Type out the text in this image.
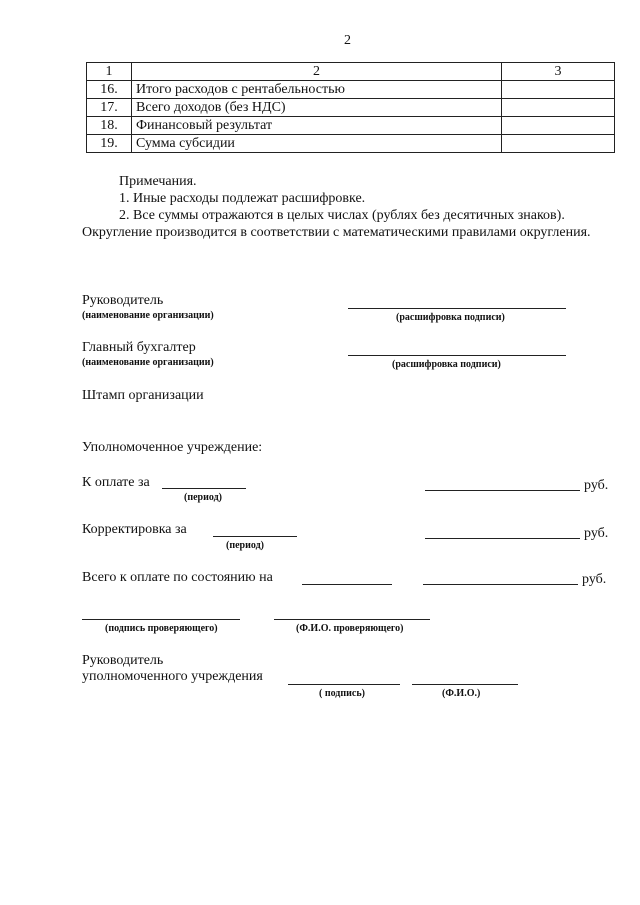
2
1	2	3
16.	Итого расходов с рентабельностью	
17.	Всего доходов (без НДС)	
18.	Финансовый результат	
19.	Сумма субсидии	
Примечания.
1. Иные расходы подлежат расшифровке.
2. Все суммы отражаются в целых числах (рублях без десятичных знаков).
Округление производится в соответствии с математическими правилами округления.
Руководитель
(наименование организации)	(расшифровка подписи)
Главный бухгалтер
(наименование организации)	(расшифровка подписи)
Штамп организации
Уполномоченное учреждение:
К оплате за
(период)
руб.
Корректировка за
(период)
руб.
Всего к оплате по состоянию на	руб.
(подпись проверяющего)	(Ф.И.О. проверяющего)
Руководитель
уполномоченного учреждения
( подпись)	(Ф.И.О.)
